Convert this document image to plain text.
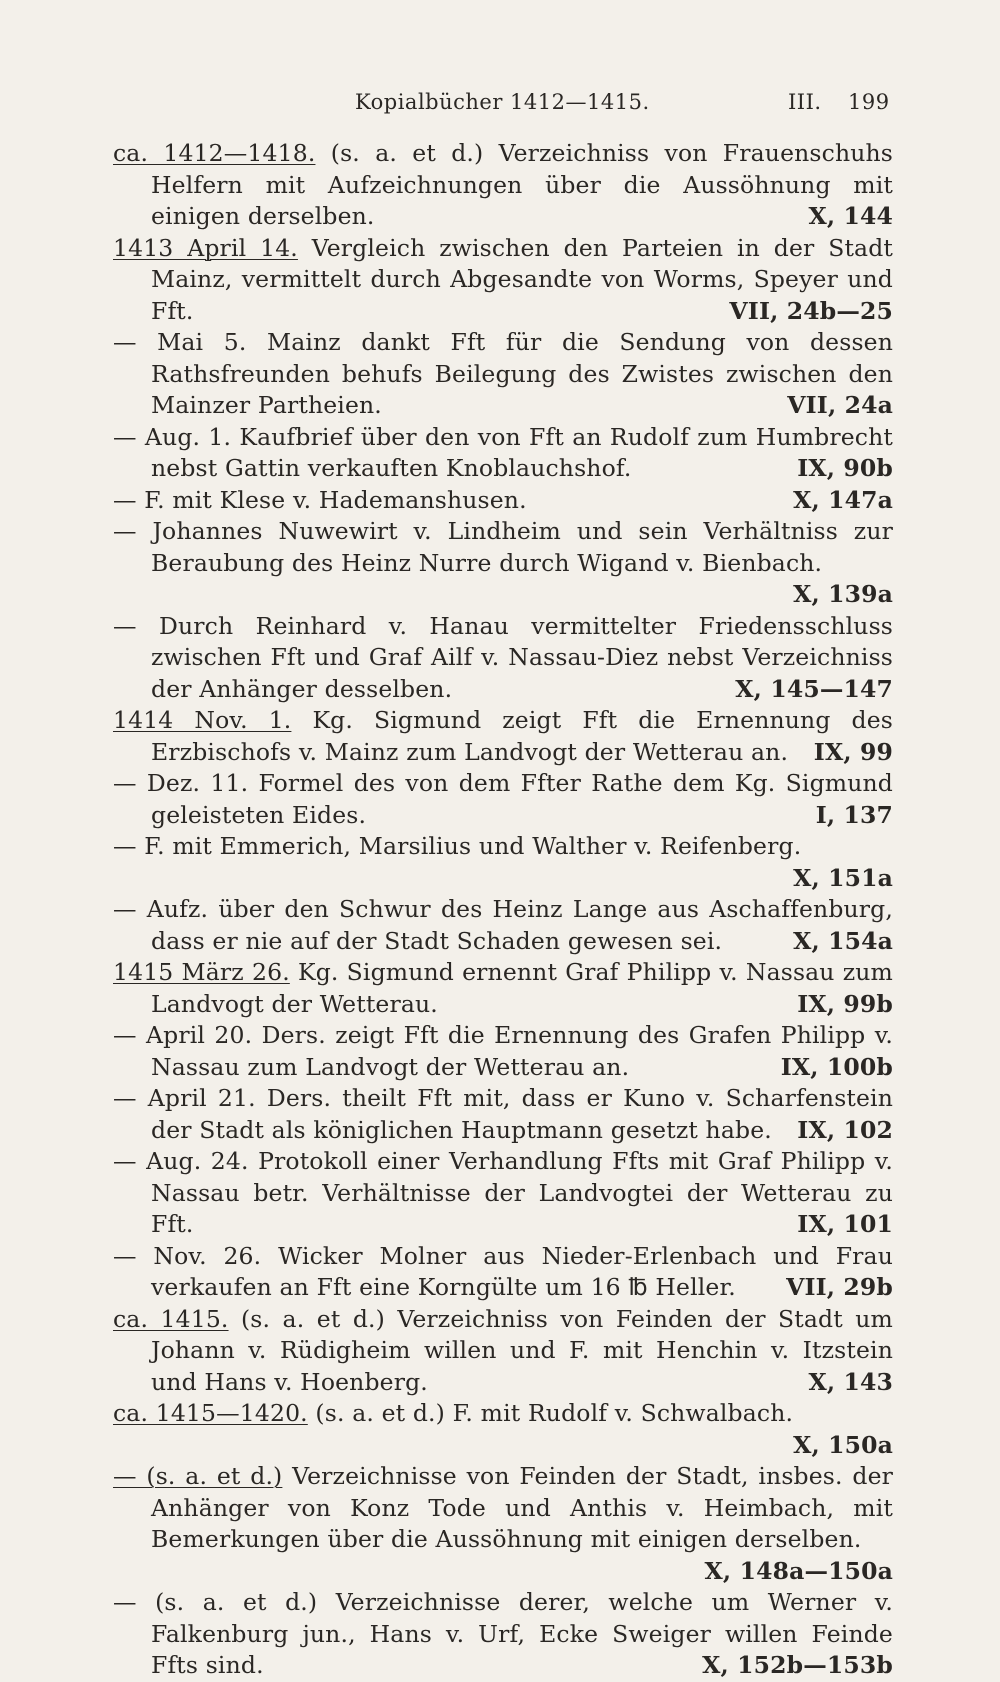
Kopialbücher 1412—1415.	III. 199
ca. 1412—1418. (s. a. et d.) Verzeichniss von Frauenschuhs Helfern mit Aufzeichnungen über die Aussöhnung mit einigen derselben.	X, 144
1413 April 14. Vergleich zwischen den Parteien in der Stadt Mainz, vermittelt durch Abgesandte von Worms, Speyer und Fft.	VII, 24b—25
— Mai 5. Mainz dankt Fft für die Sendung von dessen Rathsfreunden behufs Beilegung des Zwistes zwischen den Mainzer Partheien.	VII, 24a
— Aug. 1. Kaufbrief über den von Fft an Rudolf zum Humbrecht nebst Gattin verkauften Knoblauchshof.	IX, 90b
— F. mit Klese v. Hademanshusen.	X, 147a
— Johannes Nuwewirt v. Lindheim und sein Verhältniss zur Beraubung des Heinz Nurre durch Wigand v. Bienbach.
X, 139a
— Durch Reinhard v. Hanau vermittelter Friedensschluss zwischen Fft und Graf Ailf v. Nassau-Diez nebst Verzeichniss der Anhänger desselben.	X, 145—147
1414 Nov. 1. Kg. Sigmund zeigt Fft die Ernennung des Erzbischofs v. Mainz zum Landvogt der Wetterau an.	IX, 99
— Dez. 11. Formel des von dem Ffter Rathe dem Kg. Sigmund geleisteten Eides.	I, 137
— F. mit Emmerich, Marsilius und Walther v. Reifenberg.
X, 151a
— Aufz. über den Schwur des Heinz Lange aus Aschaffenburg, dass er nie auf der Stadt Schaden gewesen sei.	X, 154a
1415 März 26. Kg. Sigmund ernennt Graf Philipp v. Nassau zum Landvogt der Wetterau.	IX, 99b
— April 20. Ders. zeigt Fft die Ernennung des Grafen Philipp v. Nassau zum Landvogt der Wetterau an.	IX, 100b
— April 21. Ders. theilt Fft mit, dass er Kuno v. Scharfenstein der Stadt als königlichen Hauptmann gesetzt habe.	IX, 102
— Aug. 24. Protokoll einer Verhandlung Ffts mit Graf Philipp v. Nassau betr. Verhältnisse der Landvogtei der Wetterau zu Fft.	IX, 101
— Nov. 26. Wicker Molner aus Nieder-Erlenbach und Frau verkaufen an Fft eine Korngülte um 16 ℔ Heller.	VII, 29b
ca. 1415. (s. a. et d.) Verzeichniss von Feinden der Stadt um Johann v. Rüdigheim willen und F. mit Henchin v. Itzstein und Hans v. Hoenberg.	X, 143
ca. 1415—1420. (s. a. et d.) F. mit Rudolf v. Schwalbach.
X, 150a
— (s. a. et d.) Verzeichnisse von Feinden der Stadt, insbes. der Anhänger von Konz Tode und Anthis v. Heimbach, mit Bemerkungen über die Aussöhnung mit einigen derselben.
X, 148a—150a
— (s. a. et d.) Verzeichnisse derer, welche um Werner v. Falkenburg jun., Hans v. Urf, Ecke Sweiger willen Feinde Ffts sind.	X, 152b—153b
